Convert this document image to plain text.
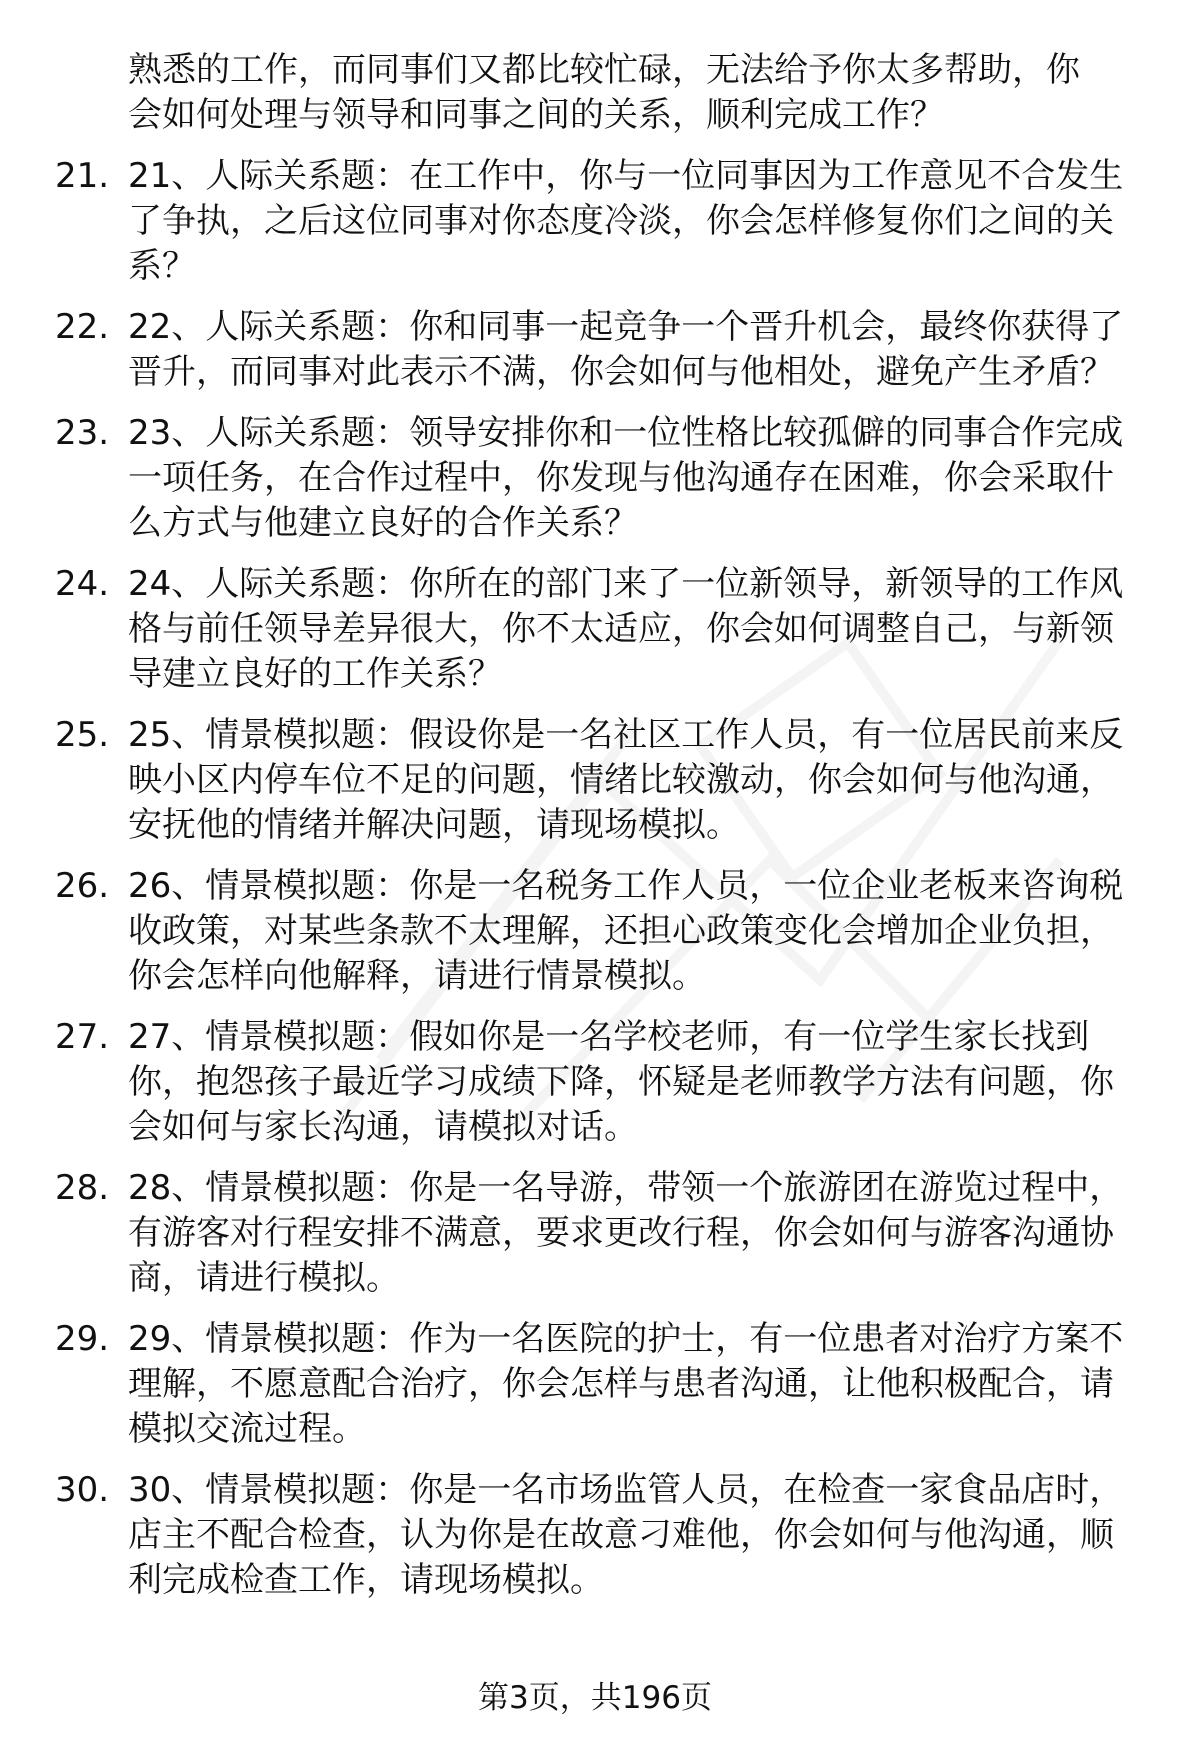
熟悉的工作，而同事们又都比较忙碌，无法给予你太多帮助，你
会如何处理与领导和同事之间的关系，顺利完成工作？
21. 21、人际关系题：在工作中，你与一位同事因为工作意见不合发生了争执，之后这位同事对你态度冷淡，你会怎样修复你们之间的关系？
22. 22、人际关系题：你和同事一起竞争一个晋升机会，最终你获得了晋升，而同事对此表示不满，你会如何与他相处，避免产生矛盾？
23. 23、人际关系题：领导安排你和一位性格比较孤僻的同事合作完成一项任务，在合作过程中，你发现与他沟通存在困难，你会采取什么方式与他建立良好的合作关系？
24. 24、人际关系题：你所在的部门来了一位新领导，新领导的工作风格与前任领导差异很大，你不太适应，你会如何调整自己，与新领导建立良好的工作关系？
25. 25、情景模拟题：假设你是一名社区工作人员，有一位居民前来反映小区内停车位不足的问题，情绪比较激动，你会如何与他沟通，安抚他的情绪并解决问题，请现场模拟。
26. 26、情景模拟题：你是一名税务工作人员，一位企业老板来咨询税收政策，对某些条款不太理解，还担心政策变化会增加企业负担，你会怎样向他解释，请进行情景模拟。
27. 27、情景模拟题：假如你是一名学校老师，有一位学生家长找到你，抱怨孩子最近学习成绩下降，怀疑是老师教学方法有问题，你会如何与家长沟通，请模拟对话。
28. 28、情景模拟题：你是一名导游，带领一个旅游团在游览过程中，有游客对行程安排不满意，要求更改行程，你会如何与游客沟通协商，请进行模拟。
29. 29、情景模拟题：作为一名医院的护士，有一位患者对治疗方案不理解，不愿意配合治疗，你会怎样与患者沟通，让他积极配合，请模拟交流过程。
30. 30、情景模拟题：你是一名市场监管人员，在检查一家食品店时，店主不配合检查，认为你是在故意刁难他，你会如何与他沟通，顺利完成检查工作，请现场模拟。
第3页，共196页
